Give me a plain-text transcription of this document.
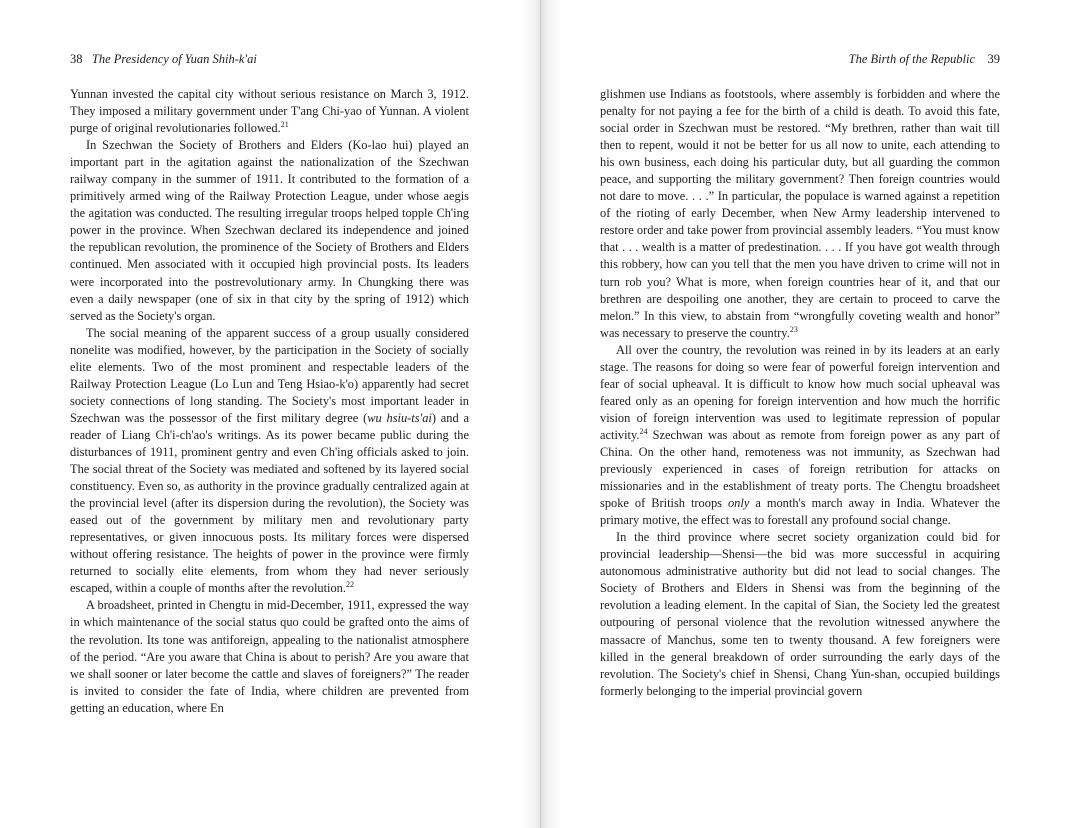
38 The Presidency of Yuan Shih-k'ai

Yunnan invested the capital city without serious resistance on March 3, 1912. They imposed a military government under T'ang Chi-yao of Yunnan. A violent purge of original revolutionaries followed.$^{21}$

In Szechwan the Society of Brothers and Elders (Ko-lao hui) played an important part in the agitation against the nationalization of the Szechwan railway company in the summer of 1911. It contributed to the formation of a primitively armed wing of the Railway Protection League, under whose aegis the agitation was conducted. The resulting irregular troops helped topple Ch'ing power in the province. When Szechwan declared its independence and joined the republican revolution, the prominence of the Society of Brothers and Elders continued. Men associated with it occupied high provincial posts. Its leaders were incorporated into the postrevolutionary army. In Chungking there was even a daily newspaper (one of six in that city by the spring of 1912) which served as the Society's organ.

The social meaning of the apparent success of a group usually considered nonelite was modified, however, by the participation in the Society of socially elite elements. Two of the most prominent and respectable leaders of the Railway Protection League (Lo Lun and Teng Hsiao-k'o) apparently had secret society connections of long standing. The Society's most important leader in Szechwan was the possessor of the first military degree (wu hsiu-ts'ai) and a reader of Liang Ch'i-ch'ao's writings. As its power became public during the disturbances of 1911, prominent gentry and even Ch'ing officials asked to join. The social threat of the Society was mediated and softened by its layered social constituency. Even so, as authority in the province gradually centralized again at the provincial level (after its dispersion during the revolution), the Society was eased out of the government by military men and revolutionary party representatives, or given innocuous posts. Its military forces were dispersed without offering resistance. The heights of power in the province were firmly returned to socially elite elements, from whom they had never seriously escaped, within a couple of months after the revolution.$^{22}$

A broadsheet, printed in Chengtu in mid-December, 1911, expressed the way in which maintenance of the social status quo could be grafted onto the aims of the revolution. Its tone was antiforeign, appealing to the nationalist atmosphere of the period. “Are you aware that China is about to perish? Are you aware that we shall sooner or later become the cattle and slaves of foreigners?” The reader is invited to consider the fate of India, where children are prevented from getting an education, where En

The Birth of the Republic 39

glishmen use Indians as footstools, where assembly is forbidden and where the penalty for not paying a fee for the birth of a child is death. To avoid this fate, social order in Szechwan must be restored. “My brethren, rather than wait till then to repent, would it not be better for us all now to unite, each attending to his own business, each doing his particular duty, but all guarding the common peace, and supporting the military government? Then foreign countries would not dare to move. . . .” In particular, the populace is warned against a repetition of the rioting of early December, when New Army leadership intervened to restore order and take power from provincial assembly leaders. “You must know that . . . wealth is a matter of predestination. . . . If you have got wealth through this robbery, how can you tell that the men you have driven to crime will not in turn rob you? What is more, when foreign countries hear of it, and that our brethren are despoiling one another, they are certain to proceed to carve the melon.” In this view, to abstain from “wrongfully coveting wealth and honor” was necessary to preserve the country.$^{23}$

All over the country, the revolution was reined in by its leaders at an early stage. The reasons for doing so were fear of powerful foreign intervention and fear of social upheaval. It is difficult to know how much social upheaval was feared only as an opening for foreign intervention and how much the horrific vision of foreign intervention was used to legitimate repression of popular activity.$^{24}$ Szechwan was about as remote from foreign power as any part of China. On the other hand, remoteness was not immunity, as Szechwan had previously experienced in cases of foreign retribution for attacks on missionaries and in the establishment of treaty ports. The Chengtu broadsheet spoke of British troops only a month's march away in India. Whatever the primary motive, the effect was to forestall any profound social change.

In the third province where secret society organization could bid for provincial leadership—Shensi—the bid was more successful in acquiring autonomous administrative authority but did not lead to social changes. The Society of Brothers and Elders in Shensi was from the beginning of the revolution a leading element. In the capital of Sian, the Society led the greatest outpouring of personal violence that the revolution witnessed anywhere the massacre of Manchus, some ten to twenty thousand. A few foreigners were killed in the general breakdown of order surrounding the early days of the revolution. The Society's chief in Shensi, Chang Yun-shan, occupied buildings formerly belonging to the imperial provincial govern
